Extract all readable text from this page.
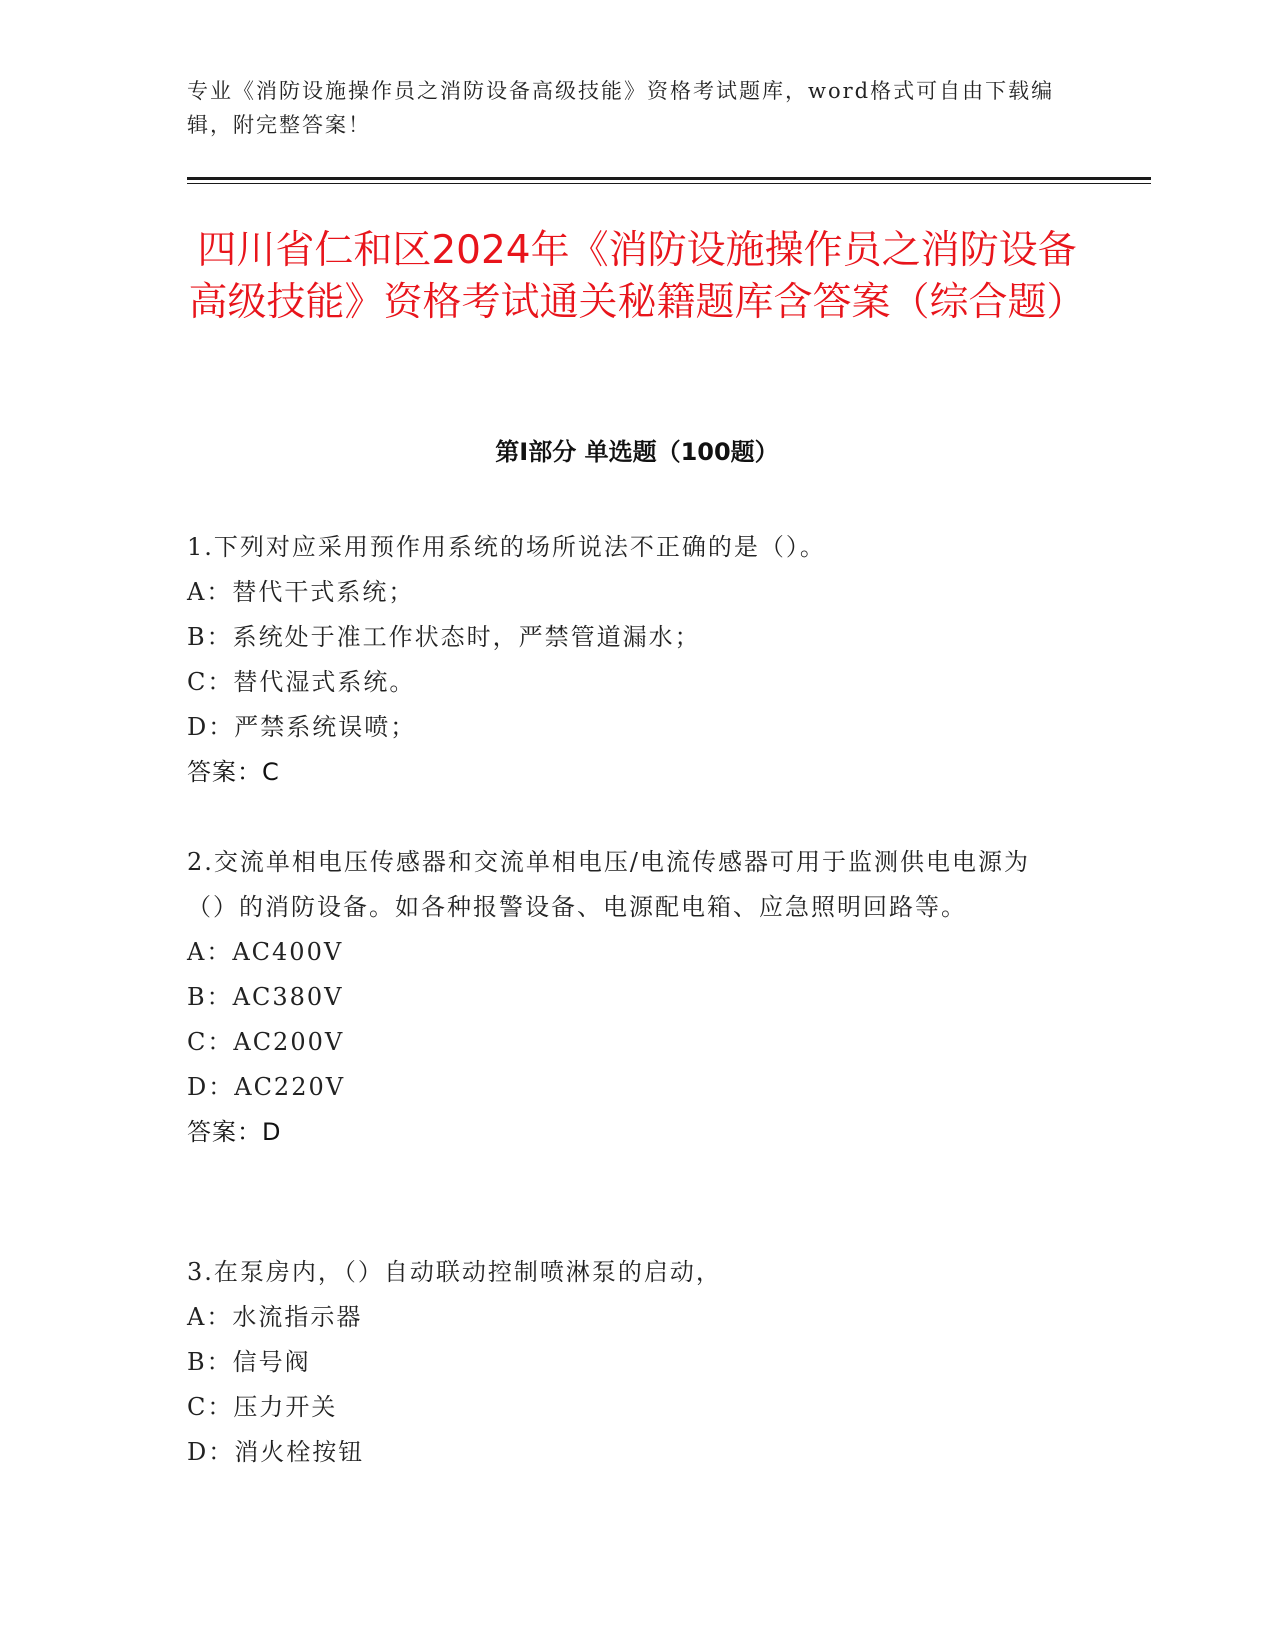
专业《消防设施操作员之消防设备高级技能》资格考试题库，word格式可自由下载编辑，附完整答案！
四川省仁和区2024年《消防设施操作员之消防设备高级技能》资格考试通关秘籍题库含答案（综合题）
第I部分 单选题（100题）
1.下列对应采用预作用系统的场所说法不正确的是（）。
A：替代干式系统；
B：系统处于准工作状态时，严禁管道漏水；
C：替代湿式系统。
D：严禁系统误喷；
答案：C
2.交流单相电压传感器和交流单相电压/电流传感器可用于监测供电电源为（）的消防设备。如各种报警设备、电源配电箱、应急照明回路等。
A：AC400V
B：AC380V
C：AC200V
D：AC220V
答案：D
3.在泵房内，（）自动联动控制喷淋泵的启动，
A：水流指示器
B：信号阀
C：压力开关
D：消火栓按钮
